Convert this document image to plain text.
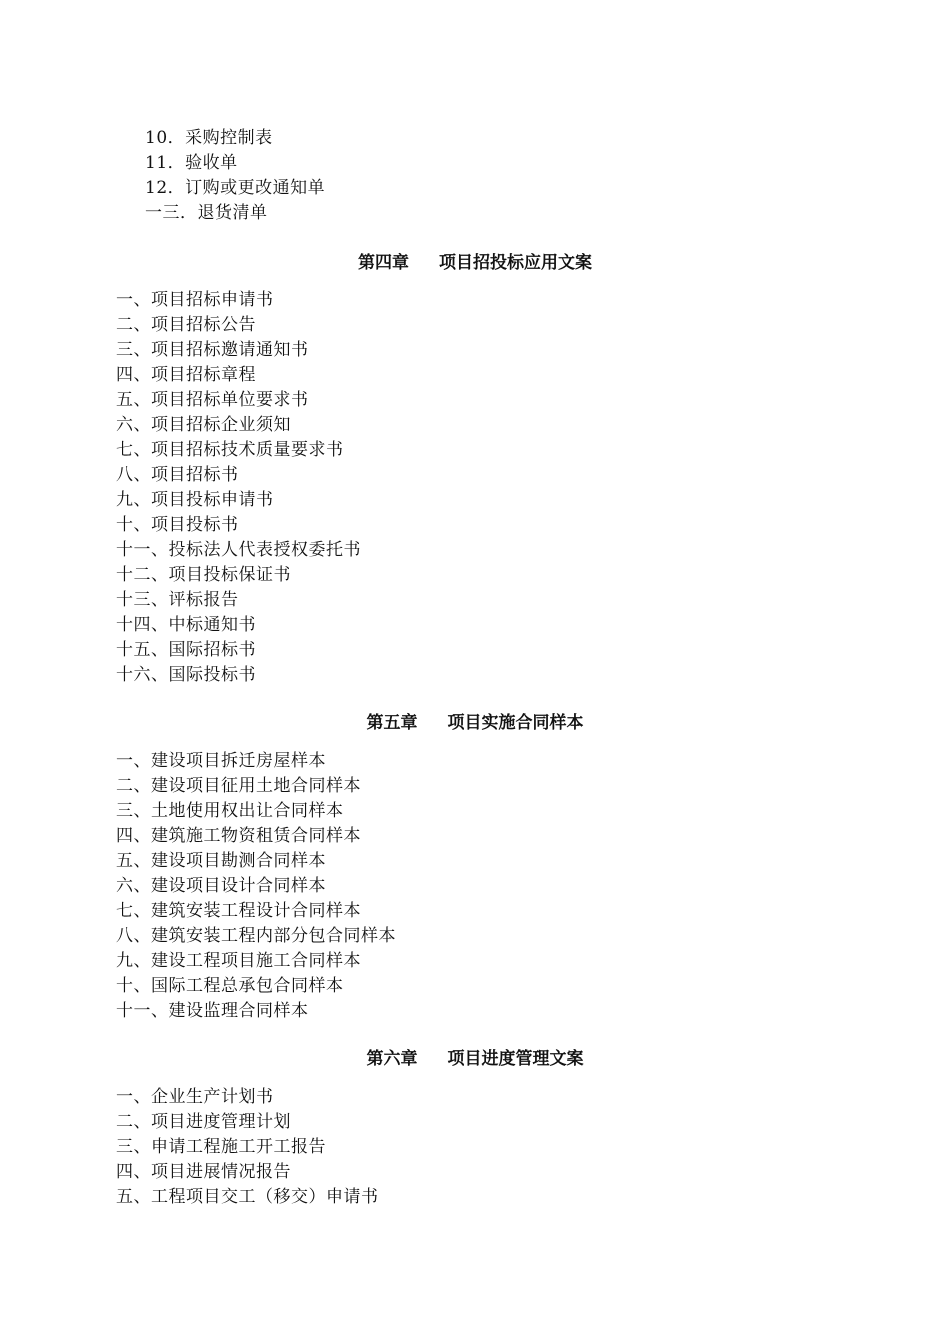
10．采购控制表
11．验收单
12．订购或更改通知单
一三．退货清单
第四章 项目招投标应用文案
一、项目招标申请书
二、项目招标公告
三、项目招标邀请通知书
四、项目招标章程
五、项目招标单位要求书
六、项目招标企业须知
七、项目招标技术质量要求书
八、项目招标书
九、项目投标申请书
十、项目投标书
十一、投标法人代表授权委托书
十二、项目投标保证书
十三、评标报告
十四、中标通知书
十五、国际招标书
十六、国际投标书
第五章 项目实施合同样本
一、建设项目拆迁房屋样本
二、建设项目征用土地合同样本
三、土地使用权出让合同样本
四、建筑施工物资租赁合同样本
五、建设项目勘测合同样本
六、建设项目设计合同样本
七、建筑安装工程设计合同样本
八、建筑安装工程内部分包合同样本
九、建设工程项目施工合同样本
十、国际工程总承包合同样本
十一、建设监理合同样本
第六章 项目进度管理文案
一、企业生产计划书
二、项目进度管理计划
三、申请工程施工开工报告
四、项目进展情况报告
五、工程项目交工（移交）申请书
